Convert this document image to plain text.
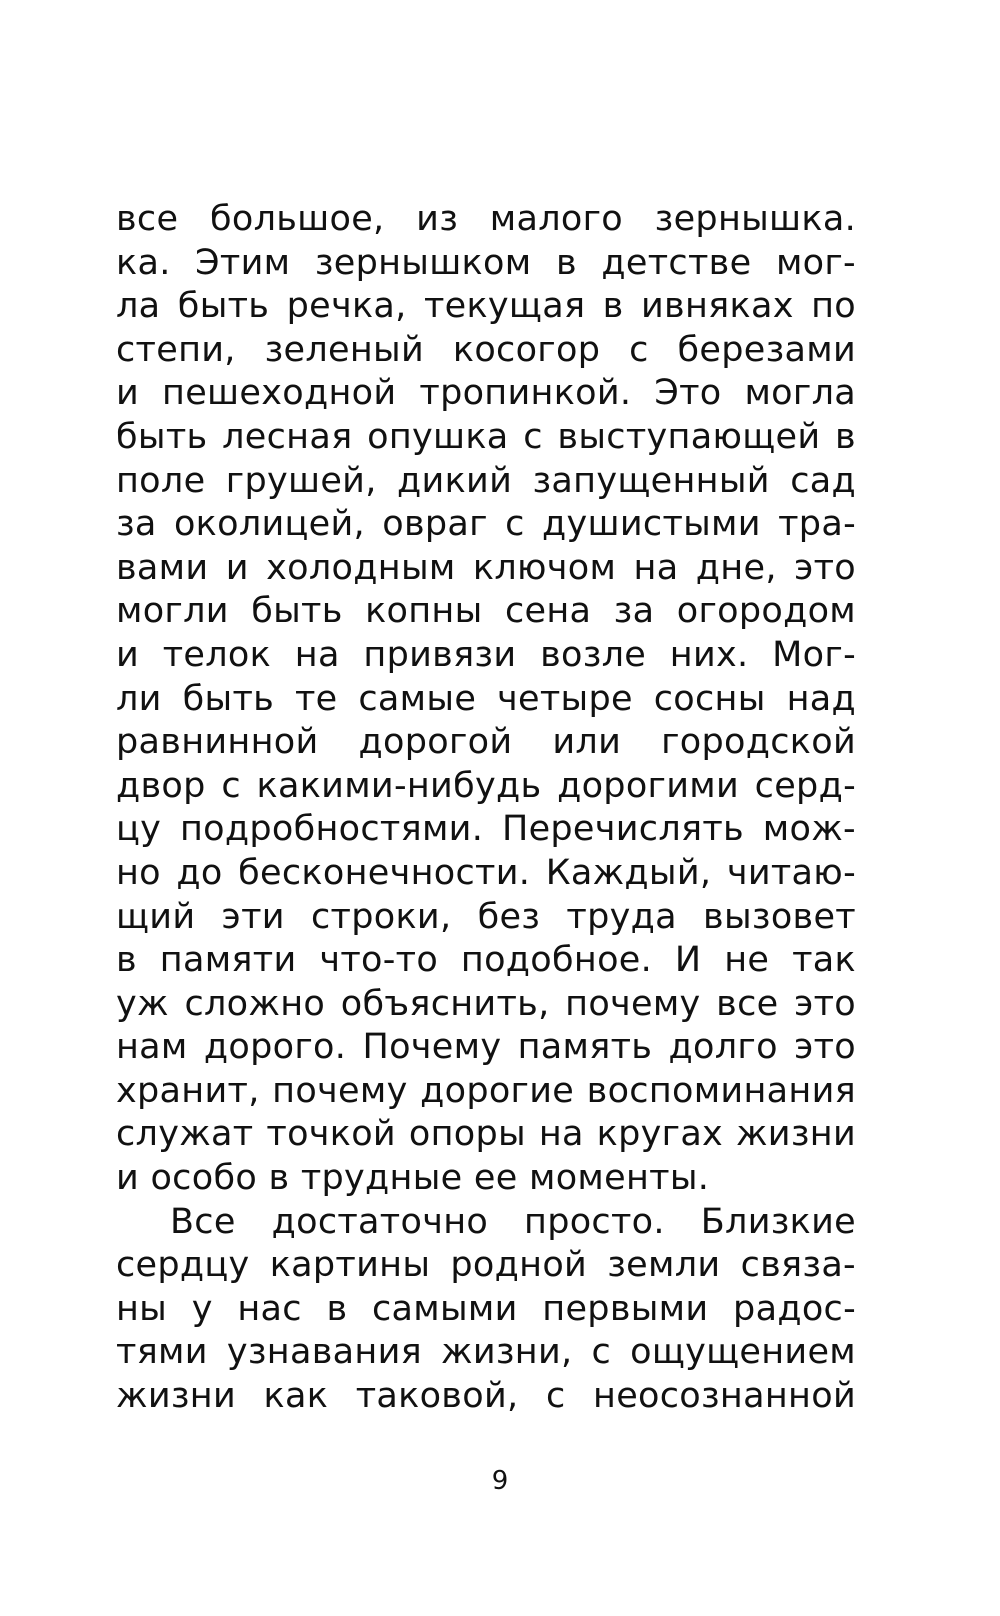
все большое, из малого зернышка.
ка. Этим зернышком в детстве мог-
ла быть речка, текущая в ивняках по
степи, зеленый косогор с березами
и пешеходной тропинкой. Это могла
быть лесная опушка с выступающей в
поле грушей, дикий запущенный сад
за околицей, овраг с душистыми тра-
вами и холодным ключом на дне, это
могли быть копны сена за огородом
и телок на привязи возле них. Мог-
ли быть те самые четыре сосны над
равнинной дорогой или городской
двор с какими-нибудь дорогими серд-
цу подробностями. Перечислять мож-
но до бесконечности. Каждый, читаю-
щий эти строки, без труда вызовет
в памяти что-то подобное. И не так
уж сложно объяснить, почему все это
нам дорого. Почему память долго это
хранит, почему дорогие воспоминания
служат точкой опоры на кругах жизни
и особо в трудные ее моменты.
Все достаточно просто. Близкие
сердцу картины родной земли связа-
ны у нас в самыми первыми радос-
тями узнавания жизни, с ощущением
жизни как таковой, с неосознанной
9
